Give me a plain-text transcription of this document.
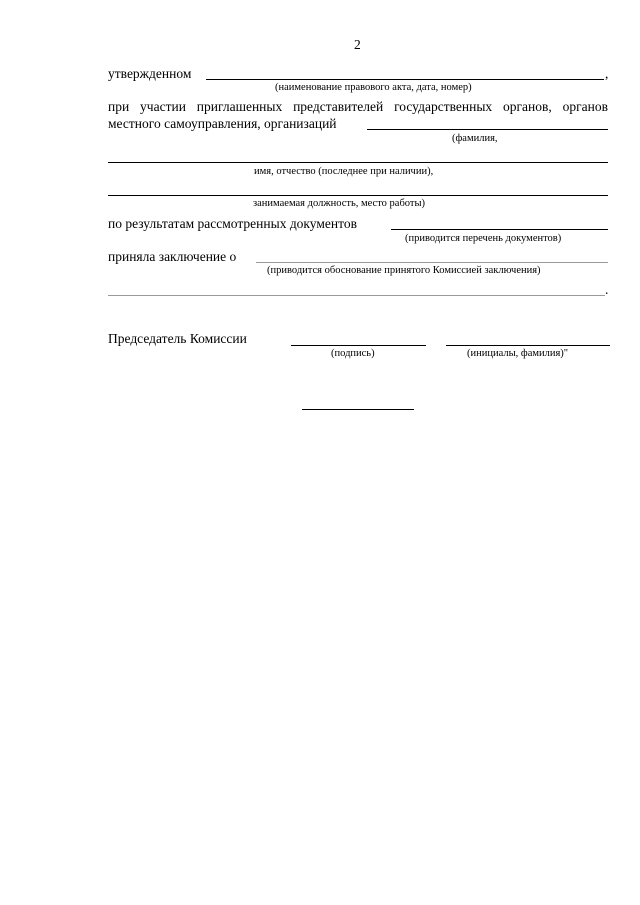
2
утвержденном	,
(наименование правового акта, дата, номер)
при участии приглашенных представителей государственных органов, органов
местного самоуправления, организаций
(фамилия,
имя, отчество (последнее при наличии),
занимаемая должность, место работы)
по результатам рассмотренных документов
(приводится перечень документов)
приняла заключение о
(приводится обоснование принятого Комиссией заключения)
.
Председатель Комиссии
(подпись)	(инициалы, фамилия)"
